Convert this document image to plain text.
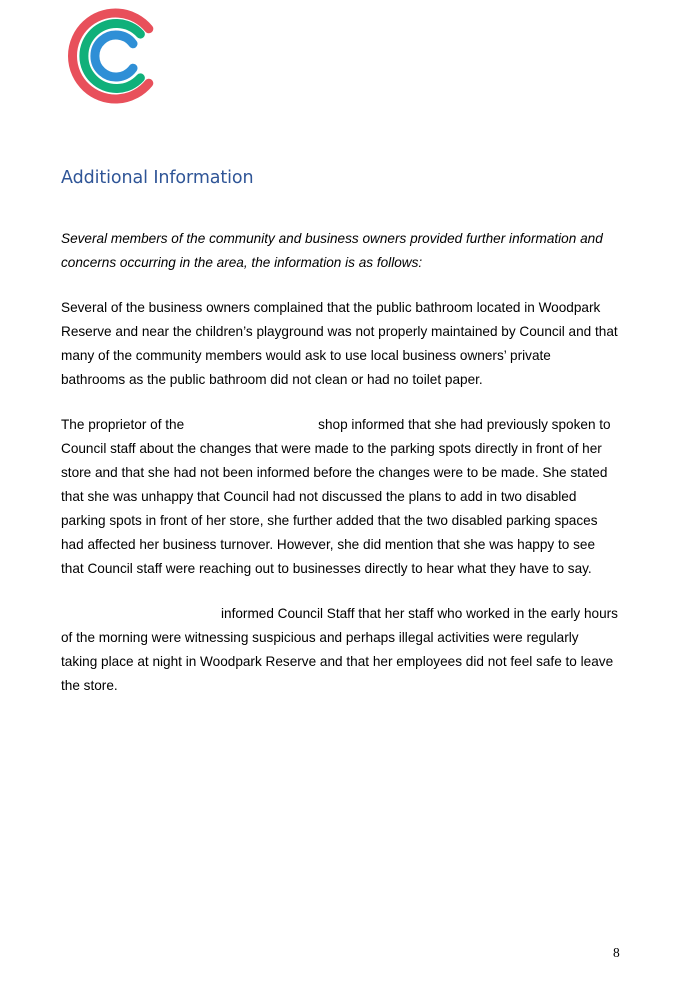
Additional Information

Several members of the community and business owners provided further information and
concerns occurring in the area, the information is as follows:

Several of the business owners complained that the public bathroom located in Woodpark
Reserve and near the children’s playground was not properly maintained by Council and that
many of the community members would ask to use local business owners’ private
bathrooms as the public bathroom did not clean or had no toilet paper.

The proprietor of the	shop informed that she had previously spoken to
Council staff about the changes that were made to the parking spots directly in front of her
store and that she had not been informed before the changes were to be made. She stated
that she was unhappy that Council had not discussed the plans to add in two disabled
parking spots in front of her store, she further added that the two disabled parking spaces
had affected her business turnover. However, she did mention that she was happy to see
that Council staff were reaching out to businesses directly to hear what they have to say.

informed Council Staff that her staff who worked in the early hours
of the morning were witnessing suspicious and perhaps illegal activities were regularly
taking place at night in Woodpark Reserve and that her employees did not feel safe to leave
the store.

8
